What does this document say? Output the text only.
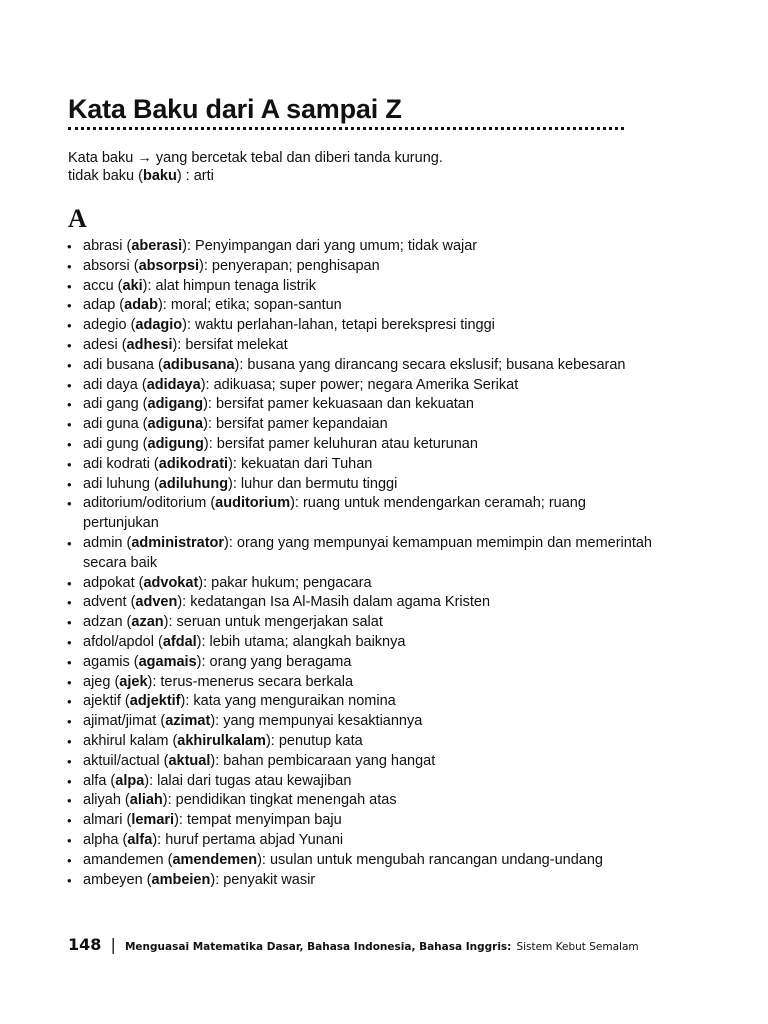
Kata Baku dari A sampai Z
Kata baku → yang bercetak tebal dan diberi tanda kurung.
tidak baku (baku) : arti
A
• abrasi (aberasi): Penyimpangan dari yang umum; tidak wajar
• absorsi (absorpsi): penyerapan; penghisapan
• accu (aki): alat himpun tenaga listrik
• adap (adab): moral; etika; sopan-santun
• adegio (adagio): waktu perlahan-lahan, tetapi berekspresi tinggi
• adesi (adhesi): bersifat melekat
• adi busana (adibusana): busana yang dirancang secara ekslusif; busana kebesaran
• adi daya (adidaya): adikuasa; super power; negara Amerika Serikat
• adi gang (adigang): bersifat pamer kekuasaan dan kekuatan
• adi guna (adiguna): bersifat pamer kepandaian
• adi gung (adigung): bersifat pamer keluhuran atau keturunan
• adi kodrati (adikodrati): kekuatan dari Tuhan
• adi luhung (adiluhung): luhur dan bermutu tinggi
• aditorium/oditorium (auditorium): ruang untuk mendengarkan ceramah; ruang pertunjukan
• admin (administrator): orang yang mempunyai kemampuan memimpin dan memerintah secara baik
• adpokat (advokat): pakar hukum; pengacara
• advent (adven): kedatangan Isa Al-Masih dalam agama Kristen
• adzan (azan): seruan untuk mengerjakan salat
• afdol/apdol (afdal): lebih utama; alangkah baiknya
• agamis (agamais): orang yang beragama
• ajeg (ajek): terus-menerus secara berkala
• ajektif (adjektif): kata yang menguraikan nomina
• ajimat/jimat (azimat): yang mempunyai kesaktiannya
• akhirul kalam (akhirulkalam): penutup kata
• aktuil/actual (aktual): bahan pembicaraan yang hangat
• alfa (alpa): lalai dari tugas atau kewajiban
• aliyah (aliah): pendidikan tingkat menengah atas
• almari (lemari): tempat menyimpan baju
• alpha (alfa): huruf pertama abjad Yunani
• amandemen (amendemen): usulan untuk mengubah rancangan undang-undang
• ambeyen (ambeien): penyakit wasir
148 | Menguasai Matematika Dasar, Bahasa Indonesia, Bahasa Inggris: Sistem Kebut Semalam
